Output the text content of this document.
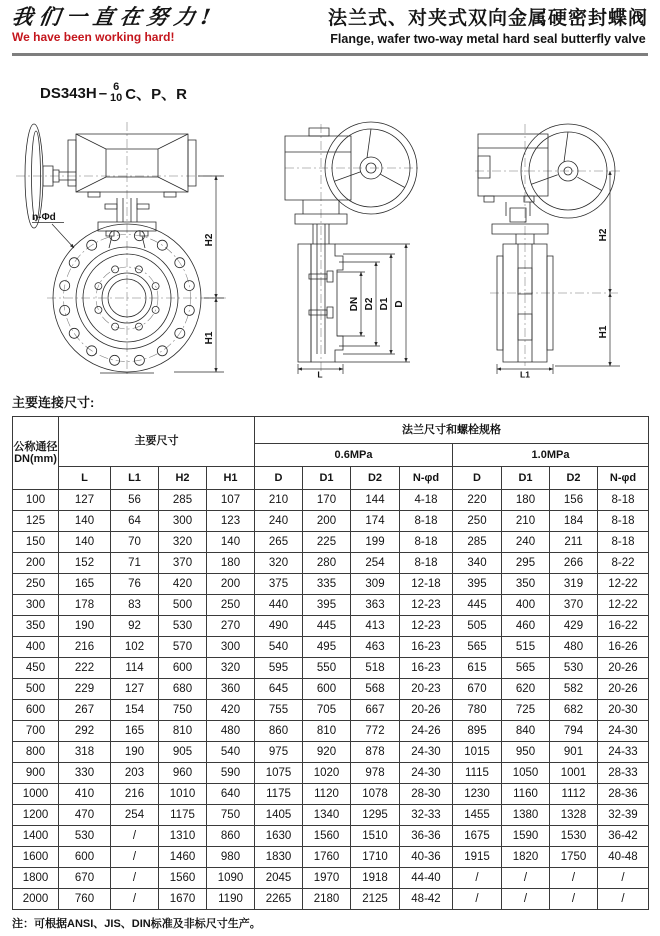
我们一直在努力!
We have been working hard!
法兰式、对夹式双向金属硬密封蝶阀
Flange, wafer two-way metal hard seal butterfly valve
DS343H – 6
10 C、P、R
n-Φd
H2
H1
DN D2 D1 D
L
H2
H1
L1
主要连接尺寸:
公称通径
DN(mm)	主要尺寸				法兰尺寸和螺栓规格							
					0.6MPa				1.0MPa			
	L	L1	H2	H1	D	D1	D2	N-φd	D	D1	D2	N-φd
100	127	56	285	107	210	170	144	4-18	220	180	156	8-18
125	140	64	300	123	240	200	174	8-18	250	210	184	8-18
150	140	70	320	140	265	225	199	8-18	285	240	211	8-18
200	152	71	370	180	320	280	254	8-18	340	295	266	8-22
250	165	76	420	200	375	335	309	12-18	395	350	319	12-22
300	178	83	500	250	440	395	363	12-23	445	400	370	12-22
350	190	92	530	270	490	445	413	12-23	505	460	429	16-22
400	216	102	570	300	540	495	463	16-23	565	515	480	16-26
450	222	114	600	320	595	550	518	16-23	615	565	530	20-26
500	229	127	680	360	645	600	568	20-23	670	620	582	20-26
600	267	154	750	420	755	705	667	20-26	780	725	682	20-30
700	292	165	810	480	860	810	772	24-26	895	840	794	24-30
800	318	190	905	540	975	920	878	24-30	1015	950	901	24-33
900	330	203	960	590	1075	1020	978	24-30	1115	1050	1001	28-33
1000	410	216	1010	640	1175	1120	1078	28-30	1230	1160	1112	28-36
1200	470	254	1175	750	1405	1340	1295	32-33	1455	1380	1328	32-39
1400	530	/	1310	860	1630	1560	1510	36-36	1675	1590	1530	36-42
1600	600	/	1460	980	1830	1760	1710	40-36	1915	1820	1750	40-48
1800	670	/	1560	1090	2045	1970	1918	44-40	/	/	/	/
2000	760	/	1670	1190	2265	2180	2125	48-42	/	/	/	/
注：可根据ANSI、JIS、DIN标准及非标尺寸生产。
